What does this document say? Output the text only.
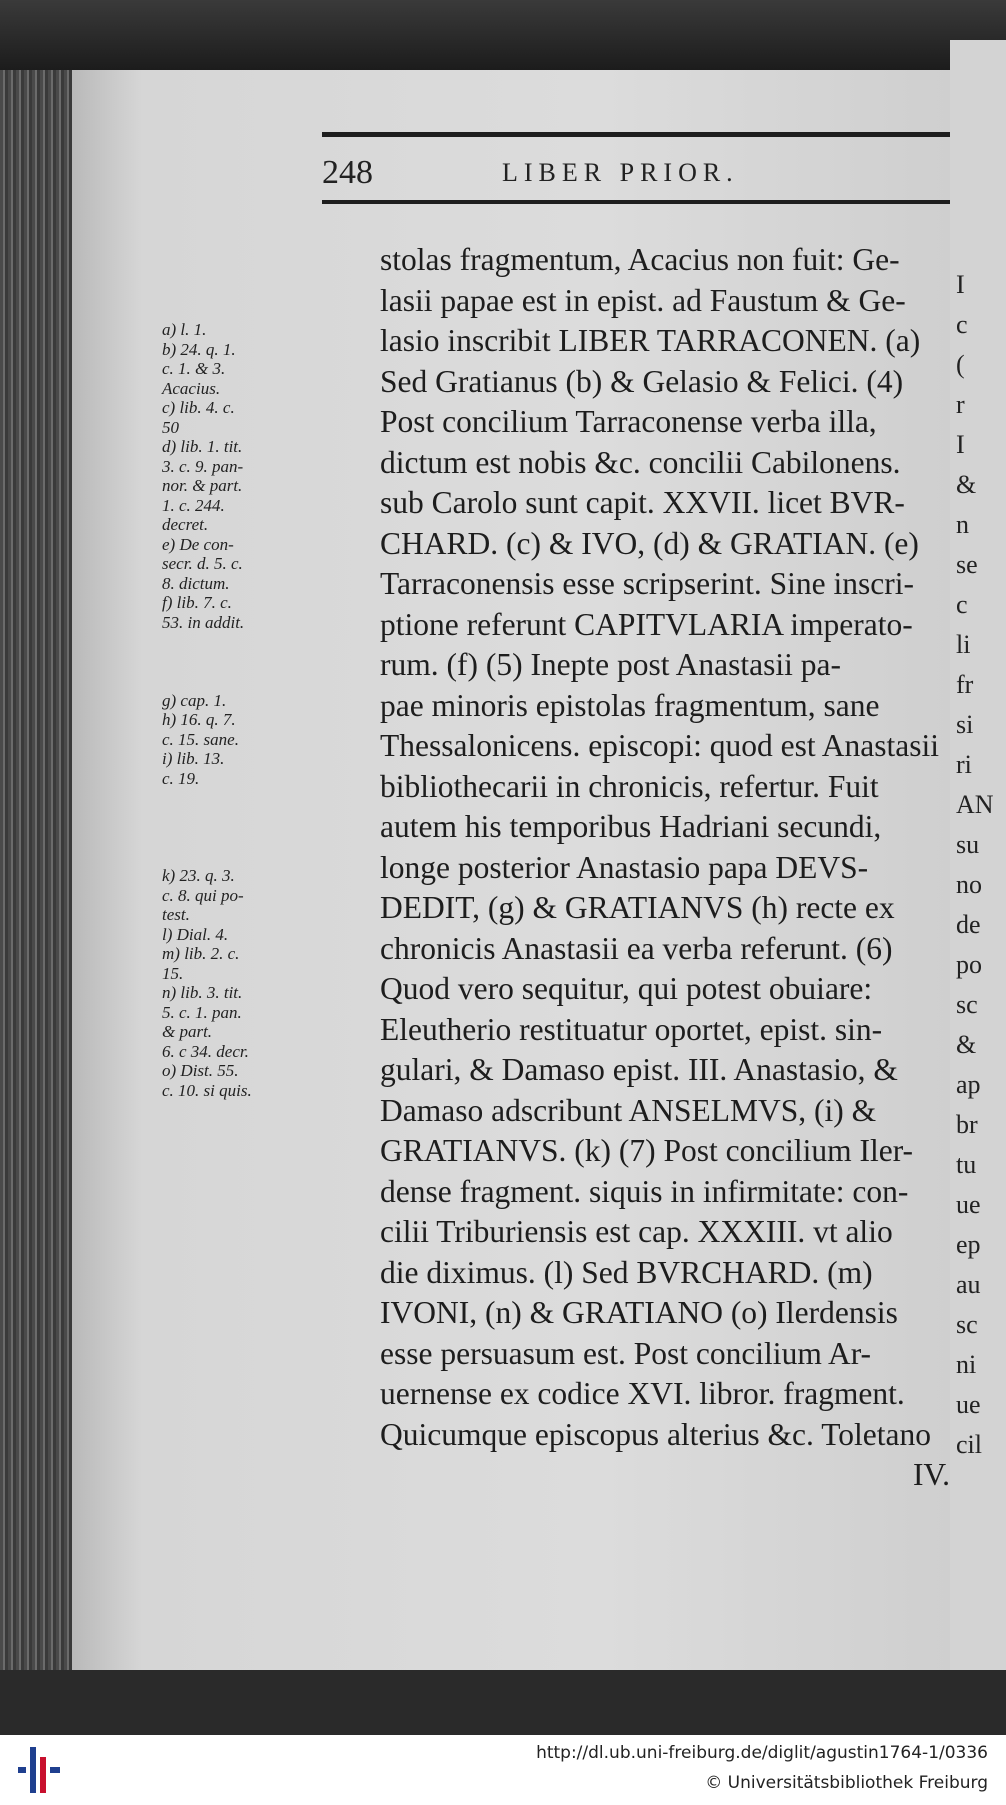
248	LIBER PRIOR.
a) l. 1.
b) 24. q. 1.
c. 1. & 3.
Acacius.
c) lib. 4. c.
50
d) lib. 1. tit.
3. c. 9. pan-
nor. & part.
1. c. 244.
decret.
e) De con-
secr. d. 5. c.
8. dictum.
f) lib. 7. c.
53. in addit.

g) cap. 1.
h) 16. q. 7.
c. 15. sane.
i) lib. 13.
c. 19.

k) 23. q. 3.
c. 8. qui po-
test.
l) Dial. 4.
m) lib. 2. c.
15.
n) lib. 3. tit.
5. c. 1. pan.
& part.
6. c 34. decr.
o) Dist. 55.
c. 10. si quis.
stolas fragmentum, Acacius non fuit: Ge-
lasii papae est in epist. ad Faustum & Ge-
lasio inscribit LIBER TARRACONEN. (a)
Sed Gratianus (b) & Gelasio & Felici. (4)
Post concilium Tarraconense verba illa,
dictum est nobis &c. concilii Cabilonens.
sub Carolo sunt capit. XXVII. licet BVR-
CHARD. (c) & IVO, (d) & GRATIAN. (e)
Tarraconensis esse scripserint. Sine inscri-
ptione referunt CAPITVLARIA imperato-
rum. (f) (5) Inepte post Anastasii pa-
pae minoris epistolas fragmentum, sane
Thessalonicens. episcopi: quod est Anastasii
bibliothecarii in chronicis, refertur. Fuit
autem his temporibus Hadriani secundi,
longe posterior Anastasio papa DEVS-
DEDIT, (g) & GRATIANVS (h) recte ex
chronicis Anastasii ea verba referunt. (6)
Quod vero sequitur, qui potest obuiare:
Eleutherio restituatur oportet, epist. sin-
gulari, & Damaso epist. III. Anastasio, &
Damaso adscribunt ANSELMVS, (i) &
GRATIANVS. (k) (7) Post concilium Iler-
dense fragment. siquis in infirmitate: con-
cilii Triburiensis est cap. XXXIII. vt alio
die diximus. (l) Sed BVRCHARD. (m)
IVONI, (n) & GRATIANO (o) Ilerdensis
esse persuasum est. Post concilium Ar-
uernense ex codice XVI. libror. fragment.
Quicumque episcopus alterius &c. Toletano
IV.
I
c
(
r
I
&
n
se
c
li
fr
si
ri
AN
su
no
de
po
sc
&
ap
br
tu
ue
ep
au
sc
ni
ue
cil
http://dl.ub.uni-freiburg.de/diglit/agustin1764-1/0336
© Universitätsbibliothek Freiburg
